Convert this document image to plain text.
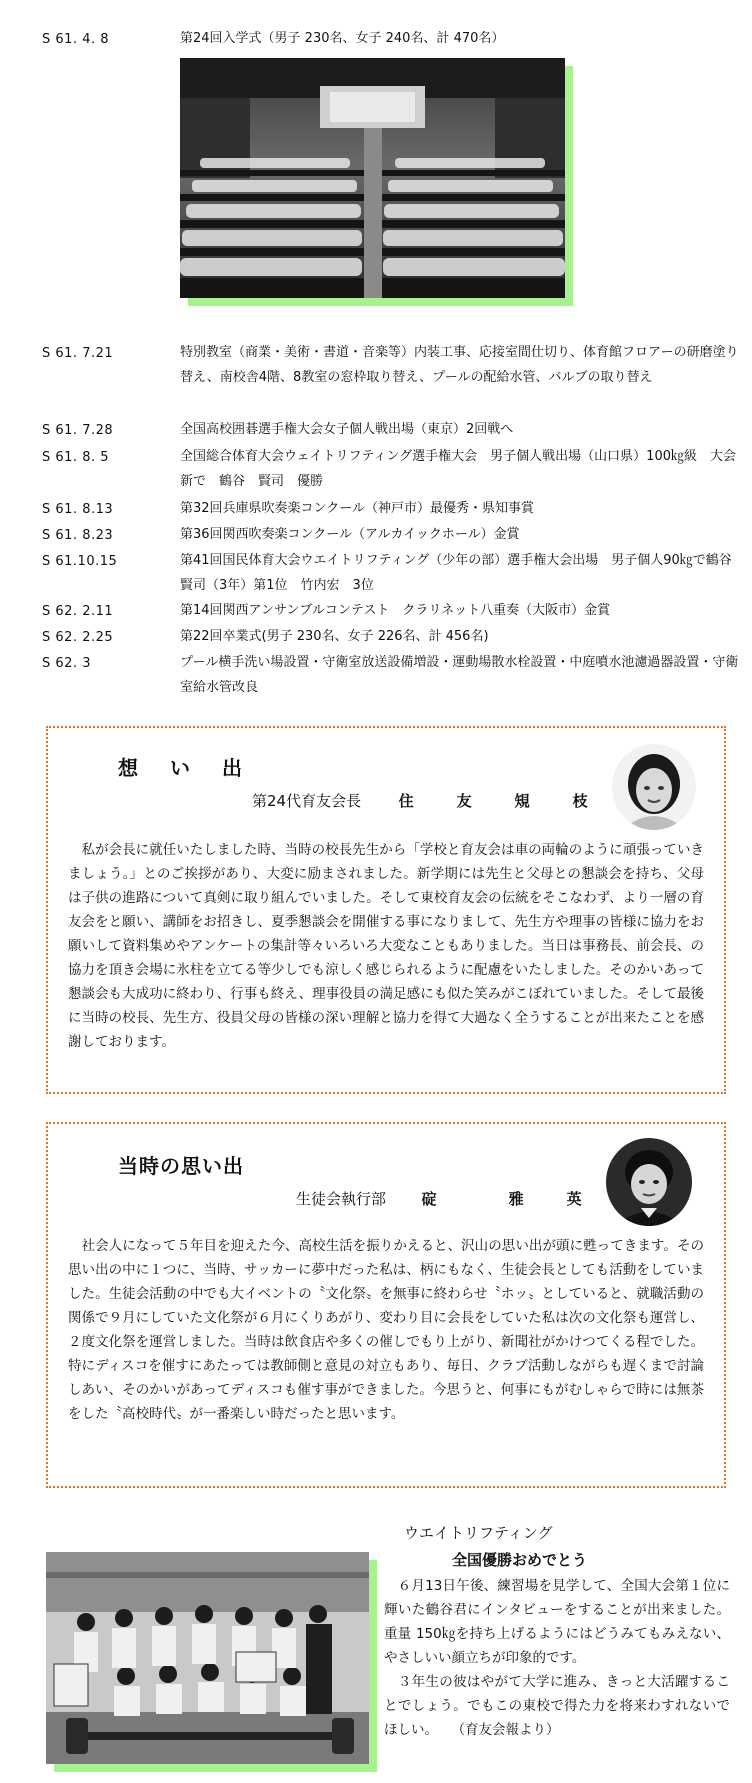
S 61. 4. 8	第24回入学式（男子 230名、女子 240名、計 470名）
S 61. 7.21	特別教室（商業・美術・書道・音楽等）内装工事、応接室間仕切り、体育館フロアーの研磨塗り替え、南校舎4階、8教室の窓枠取り替え、プールの配給水管、バルブの取り替え
S 61. 7.28	全国高校囲碁選手権大会女子個人戦出場（東京）2回戦へ
S 61. 8. 5	全国総合体育大会ウェイトリフティング選手権大会　男子個人戦出場（山口県）100㎏級　大会新で　鶴谷　賢司　優勝
S 61. 8.13	第32回兵庫県吹奏楽コンクール（神戸市）最優秀・県知事賞
S 61. 8.23	第36回関西吹奏楽コンクール（アルカイックホール）金賞
S 61.10.15	第41回国民体育大会ウエイトリフティング（少年の部）選手権大会出場　男子個人90㎏で鶴谷　賢司（3年）第1位　竹内宏　3位
S 62. 2.11	第14回関西アンサンブルコンテスト　クラリネット八重奏（大阪市）金賞
S 62. 2.25	第22回卒業式(男子 230名、女子 226名、計 456名)
S 62. 3	プール横手洗い場設置・守衛室放送設備増設・運動場散水栓設置・中庭噴水池濾過器設置・守衛室給水管改良
想　い　出
第24代育友会長	住　友　䂓　枝
　私が会長に就任いたしました時、当時の校長先生から「学校と育友会は車の両輪のように頑張っていきましょう。」とのご挨拶があり、大変に励まされました。新学期には先生と父母との懇談会を持ち、父母は子供の進路について真剣に取り組んでいました。そして東校育友会の伝統をそこなわず、より一層の育友会をと願い、講師をお招きし、夏季懇談会を開催する事になりまして、先生方や理事の皆様に協力をお願いして資料集めやアンケートの集計等々いろいろ大変なこともありました。当日は事務長、前会長、の協力を頂き会場に氷柱を立てる等少しでも涼しく感じられるように配慮をいたしました。そのかいあって懇談会も大成功に終わり、行事も終え、理事役員の満足感にも似た笑みがこぼれていました。そして最後に当時の校長、先生方、役員父母の皆様の深い理解と協力を得て大過なく全うすることが出来たことを感謝しております。
当時の思い出
生徒会執行部 碇　　雅　英
　社会人になって５年目を迎えた今、高校生活を振りかえると、沢山の思い出が頭に甦ってきます。その思い出の中に１つに、当時、サッカーに夢中だった私は、柄にもなく、生徒会長としても活動をしていました。生徒会活動の中でも大イベントの〝文化祭〟を無事に終わらせ〝ホッ〟としていると、就職活動の関係で９月にしていた文化祭が６月にくりあがり、変わり目に会長をしていた私は次の文化祭も運営し、２度文化祭を運営しました。当時は飲食店や多くの催しでもり上がり、新聞社がかけつてくる程でした。特にディスコを催すにあたっては教師側と意見の対立もあり、毎日、クラブ活動しながらも遅くまで討論しあい、そのかいがあってディスコも催す事ができました。今思うと、何事にもがむしゃらで時には無茶をした〝高校時代〟が一番楽しい時だったと思います。
ウエイトリフティング
全国優勝おめでとう
　６月13日午後、練習場を見学して、全国大会第１位に輝いた鶴谷君にインタビューをすることが出来ました。重量 150㎏を持ち上げるようにはどうみてもみえない、やさしいい顔立ちが印象的です。
　３年生の彼はやがて大学に進み、きっと大活躍することでしょう。でもこの東校で得た力を将来わすれないでほしい。　　（育友会報より）
